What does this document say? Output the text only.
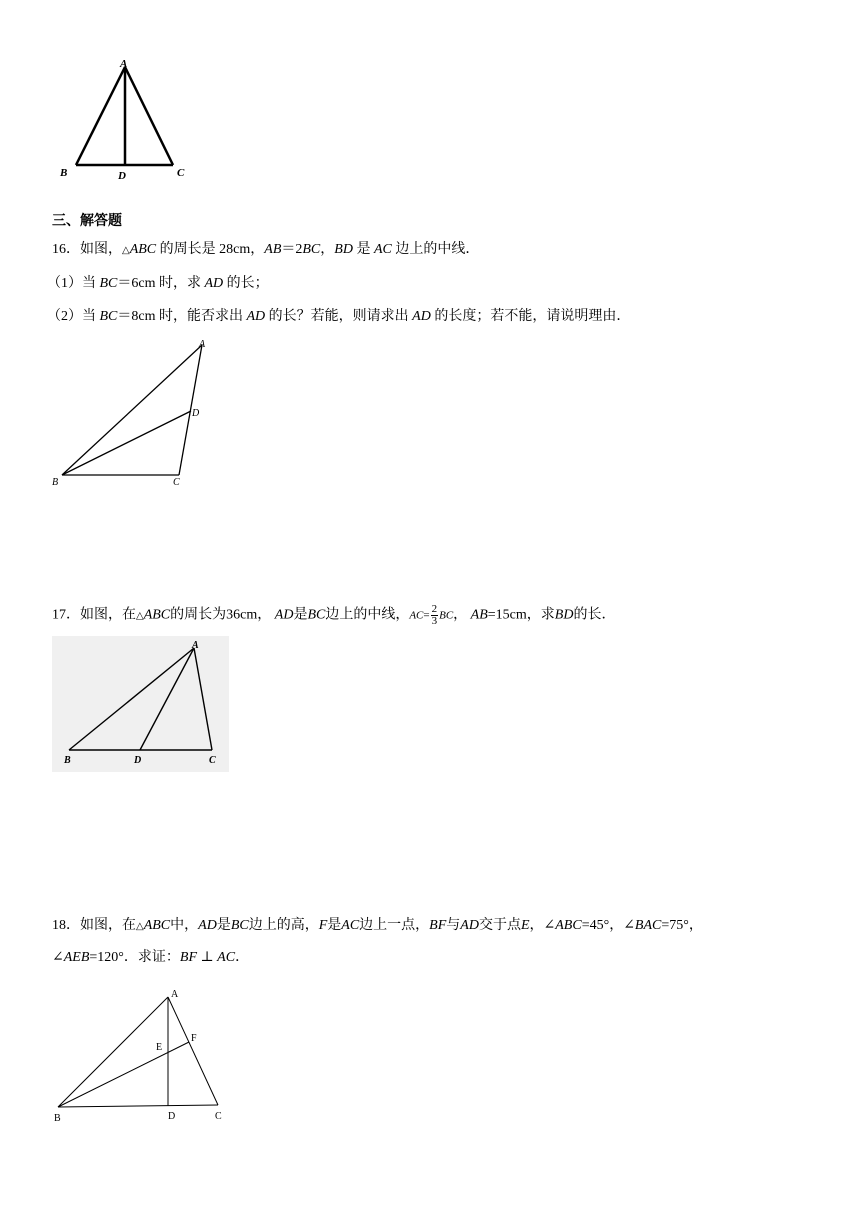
A
B	D	C
三、解答题
16．如图，△ABC 的周长是 28cm，AB＝2BC，BD 是 AC 边上的中线．
（1）当 BC＝6cm 时，求 AD 的长；
（2）当 BC＝8cm 时，能否求出 AD 的长？若能，则请求出 AD 的长度；若不能，请说明理由．
A
D
B	C
17．如图，在△ABC的周长为36cm， AD是BC边上的中线，$AC= \frac{2}{3}$ BC， AB=15cm，求BD的长．
A
B	D	C
18．如图，在△ABC中，AD是BC边上的高，F是AC边上一点，BF与AD交于点E，∠ABC=45°，∠BAC=75°，
∠AEB=120°．求证：BF ⊥ AC．
A
E
F
B	D	C
